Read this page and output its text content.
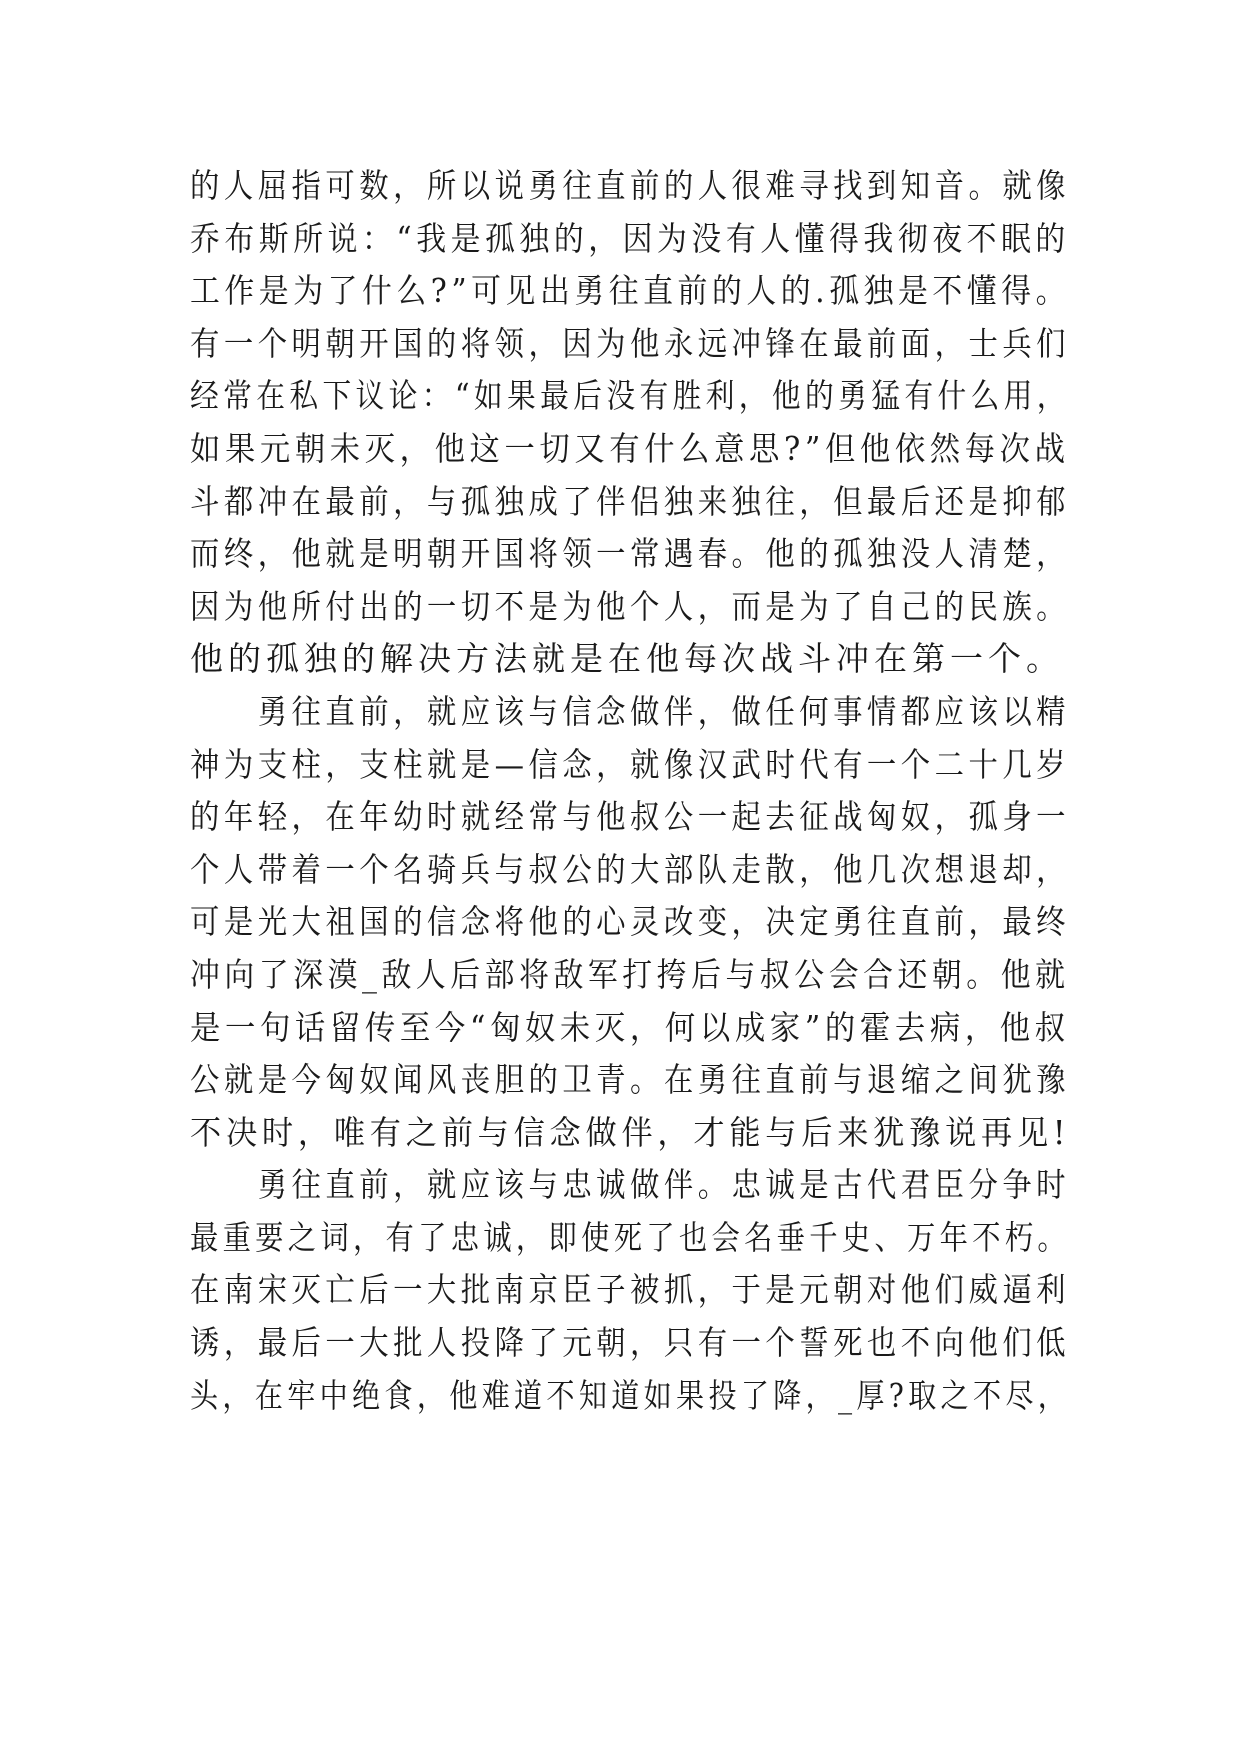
的人屈指可数，所以说勇往直前的人很难寻找到知音。就像
乔布斯所说：“我是孤独的，因为没有人懂得我彻夜不眠的
工作是为了什么?”可见出勇往直前的人的.孤独是不懂得。
有一个明朝开国的将领，因为他永远冲锋在最前面，士兵们
经常在私下议论：“如果最后没有胜利，他的勇猛有什么用，
如果元朝未灭，他这一切又有什么意思?”但他依然每次战
斗都冲在最前，与孤独成了伴侣独来独往，但最后还是抑郁
而终，他就是明朝开国将领一常遇春。他的孤独没人清楚，
因为他所付出的一切不是为他个人，而是为了自己的民族。
他的孤独的解决方法就是在他每次战斗冲在第一个。
勇往直前，就应该与信念做伴，做任何事情都应该以精
神为支柱，支柱就是—信念，就像汉武时代有一个二十几岁
的年轻，在年幼时就经常与他叔公一起去征战匈奴，孤身一
个人带着一个名骑兵与叔公的大部队走散，他几次想退却，
可是光大祖国的信念将他的心灵改变，决定勇往直前，最终
冲向了深漠_敌人后部将敌军打挎后与叔公会合还朝。他就
是一句话留传至今“匈奴未灭，何以成家”的霍去病，他叔
公就是今匈奴闻风丧胆的卫青。在勇往直前与退缩之间犹豫
不决时，唯有之前与信念做伴，才能与后来犹豫说再见!
勇往直前，就应该与忠诚做伴。忠诚是古代君臣分争时
最重要之词，有了忠诚，即使死了也会名垂千史、万年不朽。
在南宋灭亡后一大批南京臣子被抓，于是元朝对他们威逼利
诱，最后一大批人投降了元朝，只有一个誓死也不向他们低
头，在牢中绝食，他难道不知道如果投了降，_厚?取之不尽，
